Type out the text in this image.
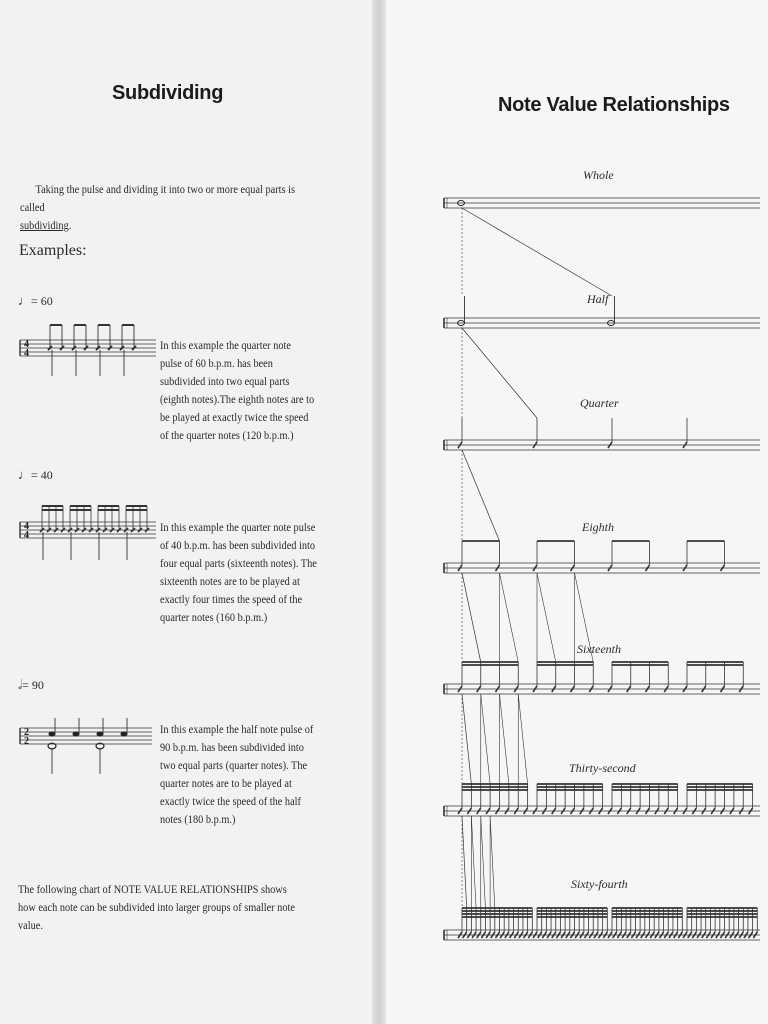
Subdividing
Taking the pulse and dividing it into two or more equal parts is called
subdividing.
Examples:
♩= 60
4
4
In this example the quarter note pulse of 60 b.p.m. has been subdivided into two equal parts (eighth notes).The eighth notes are to be played at exactly twice the speed of the quarter notes (120 b.p.m.)
♩= 40
4
4
In this example the quarter note pulse of 40 b.p.m. has been subdivided into four equal parts (sixteenth notes). The sixteenth notes are to be played at exactly four times the speed of the quarter notes (160 b.p.m.)
𝅗𝅥= 90
2
2
In this example the half note pulse of 90 b.p.m. has been subdivided into two equal parts (quarter notes). The quarter notes are to be played at exactly twice the speed of the half notes (180 b.p.m.)
The following chart of NOTE VALUE RELATIONSHIPS shows how each note can be subdivided into larger groups of smaller note value.
Note Value Relationships
Whole
Half
Quarter
Eighth
Sixteenth
Thirty-second
Sixty-fourth
